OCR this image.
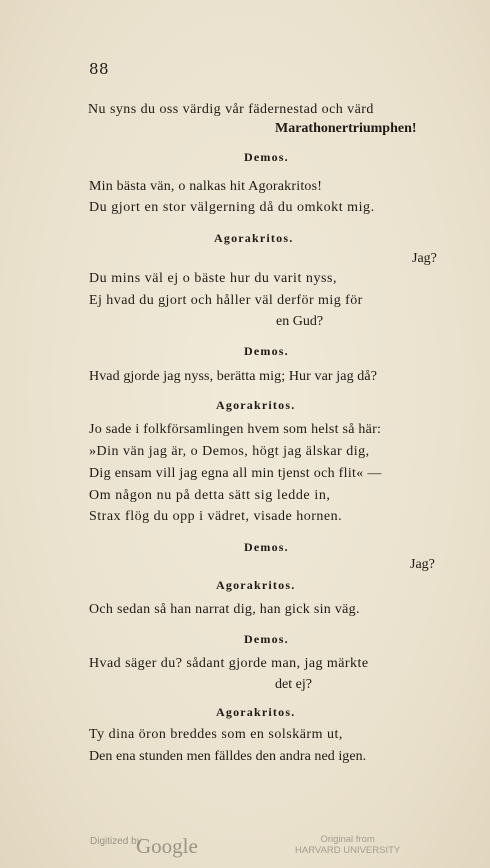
88
Nu syns du oss värdig vår fädernestad och värd
Marathonertriumphen!
Demos.
Min bästa vän, o nalkas hit Agorakritos!
Du gjort en stor välgerning då du omkokt mig.
Agorakritos.
Jag?
Du mins väl ej o bäste hur du varit nyss,
Ej hvad du gjort och håller väl derför mig för
en Gud?
Demos.
Hvad gjorde jag nyss, berätta mig; Hur var jag då?
Agorakritos.
Jo sade i folkförsamlingen hvem som helst så här:
»Din vän jag är, o Demos, högt jag älskar dig,
Dig ensam vill jag egna all min tjenst och flit« —
Om någon nu på detta sätt sig ledde in,
Strax flög du opp i vädret, visade hornen.
Demos.
Jag?
Agorakritos.
Och sedan så han narrat dig, han gick sin väg.
Demos.
Hvad säger du? sådant gjorde man, jag märkte
det ej?
Agorakritos.
Ty dina öron breddes som en solskärm ut,
Den ena stunden men fälldes den andra ned igen.
Digitized by
Google	Original from
HARVARD UNIVERSITY
